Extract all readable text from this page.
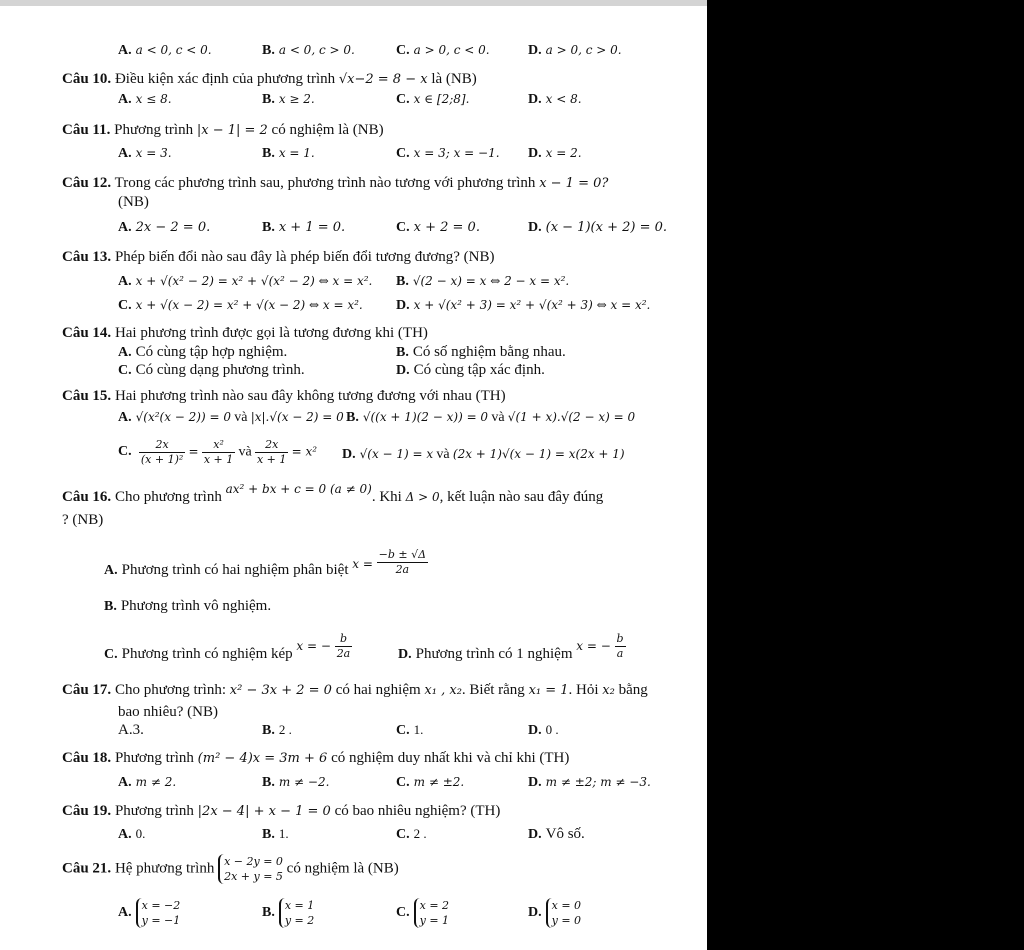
A. a < 0, c < 0.	B. a < 0, c > 0.	C. a > 0, c < 0.	D. a > 0, c > 0.
Câu 10. Điều kiện xác định của phương trình √x−2 = 8 − x là (NB)
A. x ≤ 8.	B. x ≥ 2.	C. x ∈ [2;8].	D. x < 8.
Câu 11. Phương trình |x − 1| = 2 có nghiệm là (NB)
A. x = 3.	B. x = 1.	C. x = 3; x = −1. D. x = 2.
Câu 12. Trong các phương trình sau, phương trình nào tương với phương trình x − 1 = 0?
(NB)
A. 2x − 2 = 0.	B. x + 1 = 0.	C. x + 2 = 0.	D. (x − 1)(x + 2) = 0.
Câu 13. Phép biến đổi nào sau đây là phép biến đổi tương đương? (NB)
A. x + √(x² − 2) = x² + √(x² − 2) ⇔ x = x². B. √(2 − x) = x ⇔ 2 − x = x².
C. x + √(x − 2) = x² + √(x − 2) ⇔ x = x². D. x + √(x² + 3) = x² + √(x² + 3) ⇔ x = x².
Câu 14. Hai phương trình được gọi là tương đương khi (TH)
A. Có cùng tập hợp nghiệm.	B. Có số nghiệm bằng nhau.
C. Có cùng dạng phương trình.	D. Có cùng tập xác định.
Câu 15. Hai phương trình nào sau đây không tương đương với nhau (TH)
A. √(x²(x − 2)) = 0 và |x|.√(x − 2) = 0 B. √((x + 1)(2 − x)) = 0 và √(1 + x).√(2 − x) = 0
C. $\frac{2x}{\text{(x + 1)²}} = \frac{\text{x²}}{x + 1}$ và $\frac{2x}{x + 1} = x^2$ D. √(x − 1) = x và (2x + 1)√(x − 1) = x(2x + 1)
Câu 16. Cho phương trình $^{ax^2 + bx + c = 0 (a \ne 0)}$. Khi Δ > 0, kết luận nào sau đây đúng
? (NB)
A. Phương trình có hai nghiệm phân biệt $^{x =} \frac{-b \pm √\Delta}{2a}$
B. Phương trình vô nghiệm.
C. Phương trình có nghiệm kép $^{x = -} \frac{b}{2a}$	D. Phương trình có 1 nghiệm $^{x = -} \frac{b}{a}$
Câu 17. Cho phương trình: x² − 3x + 2 = 0 có hai nghiệm x₁ , x₂. Biết rằng x₁ = 1. Hỏi x₂ bằng
bao nhiêu? (NB)
A.3.	B. 2 .	C. 1.	D. 0 .
Câu 18. Phương trình (m² − 4)x = 3m + 6 có nghiệm duy nhất khi và chỉ khi (TH)
A. m ≠ 2.	B. m ≠ −2.	C. m ≠ ±2.	D. m ≠ ±2; m ≠ −3.
Câu 19. Phương trình |2x − 4| + x − 1 = 0 có bao nhiêu nghiệm? (TH)
A. 0.	B. 1.	C. 2 .	D. Vô số.
Câu 21. Hệ phương trình x − 2y = 0
2x + y = 5
có nghiệm là (NB)
A. x = −2
y = −1
B. x = 1
y = 2
C. x = 2
y = 1
D. x = 0
y = 0
